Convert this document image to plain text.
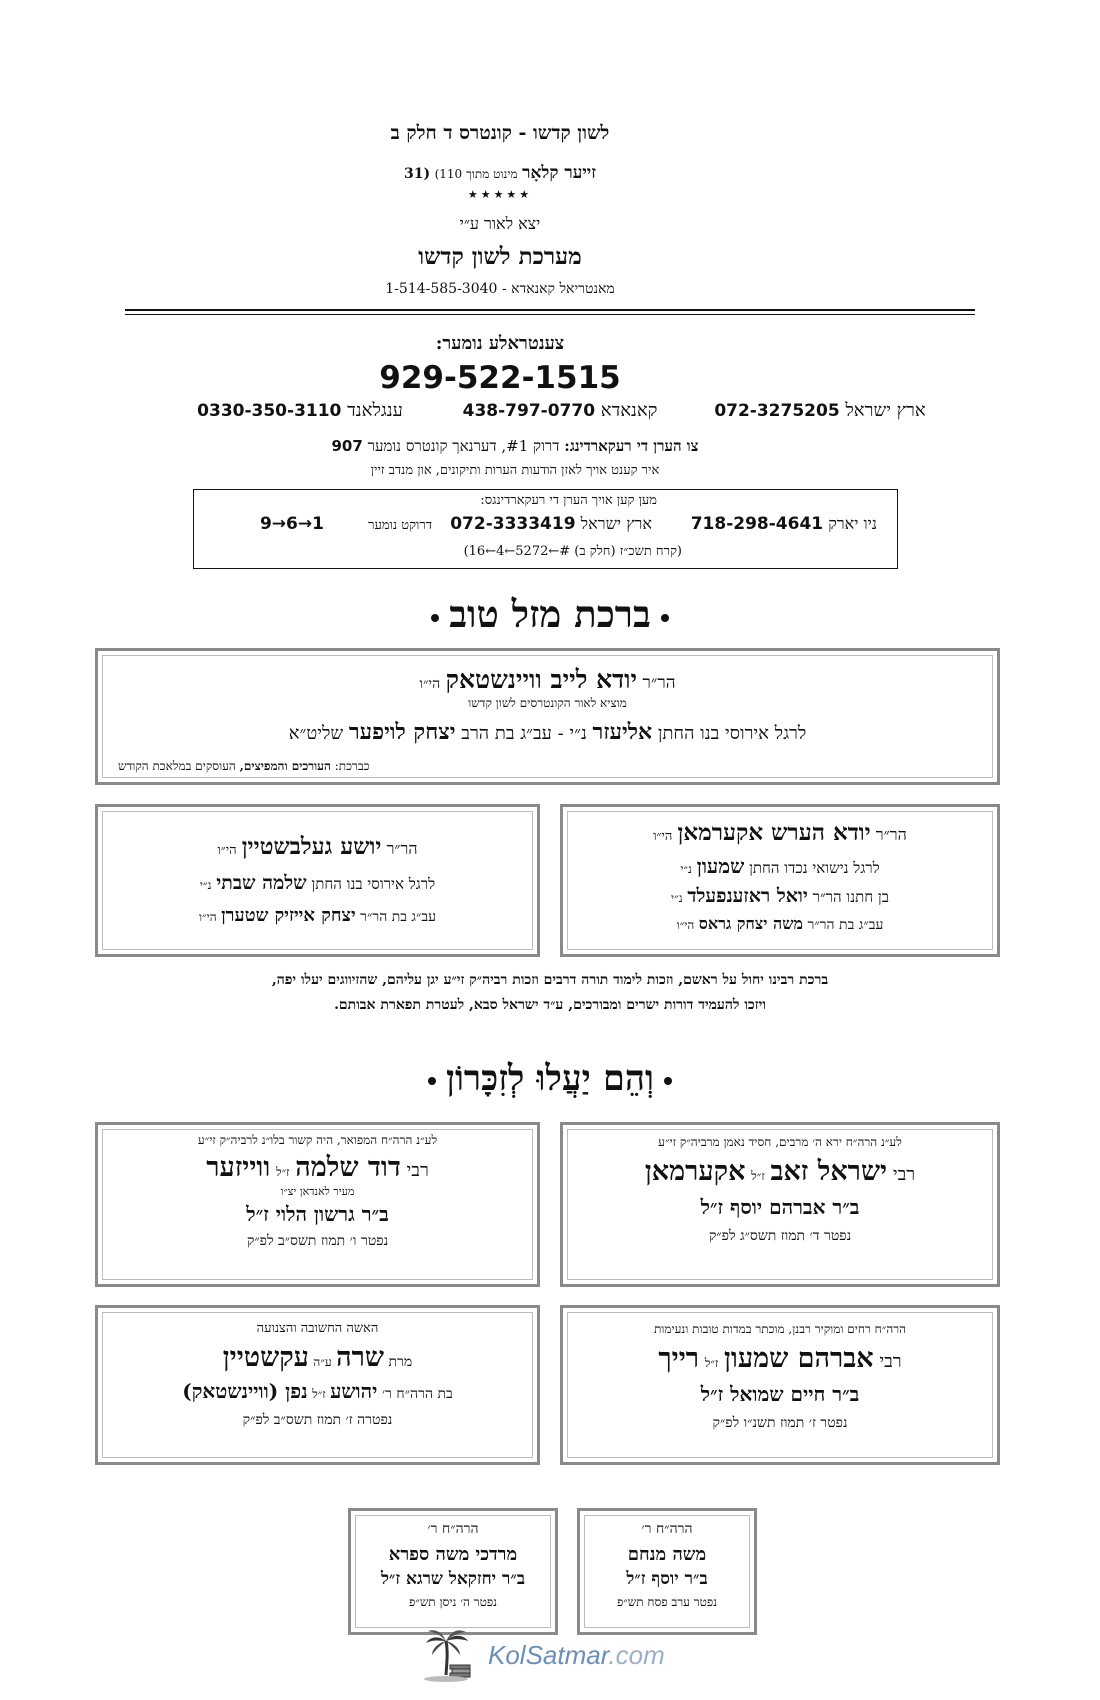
לשון קדשו - קונטרס ד חלק ב
זייער קלאָר מינוט מתוך 110) (31
★★★★★
יצא לאור ע״י
מערכת לשון קדשו
מאנטריאל קאנאדא - 1-514-585-3040
צענטראלע נומער:
929-522-1515
ארץ ישראל 072-3275205
קאנאדא 438-797-0770
ענגלאנד 0330-350-3110
צו הערן די רעקארדינג: דרוק #1, דערנאך קונטרס נומער 907
איר קענט אויך לאזן הודעות הערות ותיקונים, און מנדב זיין
מען קען אויך הערן די רעקארדינגס:
ניו יארק 718-298-4641
ארץ ישראל 072-3333419
דרוקט נומער 9→6→1
(קרח תשכ״ז (חלק ב) #←5272←4←16)
ברכת מזל טוב
הר״ר יודא לייב וויינשטאק הי״ו
מוציא לאור הקונטרסים לשון קדשו
לרגל אירוסי בנו החתן אליעזר נ״י - עב״ג בת הרב יצחק לויפער שליט״א
כברכת: העורכים והמפיצים, העוסקים במלאכת הקודש
הר״ר יודא הערש אקערמאן הי״ו
לרגל נישואי נכדו החתן שמעון נ״י
בן חתנו הר״ר יואל ראזענפעלד נ״י
עב״ג בת הר״ר משה יצחק גראס הי״ו
הר״ר יושע געלבשטיין הי״ו
לרגל אירוסי בנו החתן שלמה שבתי נ״י
עב״ג בת הר״ר יצחק אייזיק שטערן הי״ו
ברכת רבינו יחול על ראשם, וזכות לימוד תורה דרבים וזכות רביה״ק זי״ע יגן עליהם, שהזיווגים יעלו יפה,
ויזכו להעמיד דורות ישרים ומבורכים, ע״ד ישראל סבא, לעטרת תפארת אבותם.
וְהֵם יַעֲלוּ לְזִכָּרוֹן
לע״נ הרה״ח ירא ה׳ מרבים, חסיד נאמן מרביה״ק זי״ע
רבי ישראל זאב ז״ל אקערמאן
ב״ר אברהם יוסף ז״ל
נפטר ד׳ תמוז תשס״ג לפ״ק
לע״נ הרה״ח המפואר, היה קשור בלו״נ לרביה״ק זי״ע
רבי דוד שלמה ז״ל ווייזער
מעיר לאנדאן יצ״ו
ב״ר גרשון הלוי ז״ל
נפטר ו׳ תמוז תשס״ב לפ״ק
הרה״ח רחים ומוקיר רבנן, מוכתר במדות טובות ונעימות
רבי אברהם שמעון ז״ל רייך
ב״ר חיים שמואל ז״ל
נפטר ז׳ תמוז תשנ״ו לפ״ק
האשה החשובה והצנועה
מרת שרה ע״ה עקשטיין
בת הרה״ח ר׳ יהושע ז״ל נפן (וויינשטאק)
נפטרה ז׳ תמוז תשס״ב לפ״ק
הרה״ח ר׳
משה מנחם
ב״ר יוסף ז״ל
נפטר ערב פסח תש״פ
הרה״ח ר׳
מרדכי משה ספרא
ב״ר יחזקאל שרגא ז״ל
נפטר ה׳ ניסן תש״פ
KolSatmar.com
